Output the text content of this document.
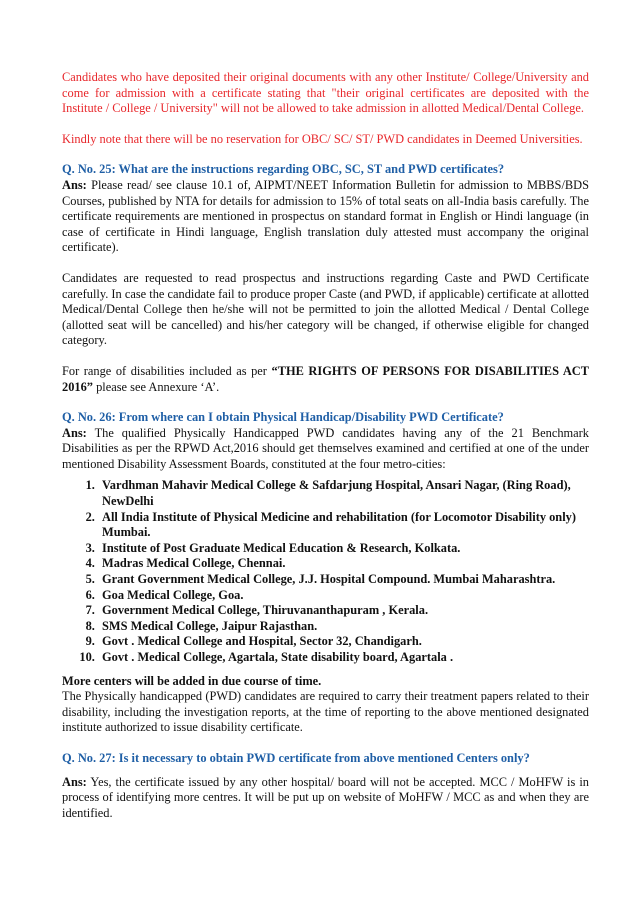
Candidates who have deposited their original documents with any other Institute/ College/University and come for admission with a certificate stating that "their original certificates are deposited with the Institute / College / University" will not be allowed to take admission in allotted Medical/Dental College.

Kindly note that there will be no reservation for OBC/ SC/ ST/ PWD candidates in Deemed Universities.

Q. No. 25: What are the instructions regarding OBC, SC, ST and PWD certificates?

Ans: Please read/ see clause 10.1 of, AIPMT/NEET Information Bulletin for admission to MBBS/BDS Courses, published by NTA for details for admission to 15% of total seats on all-India basis carefully. The certificate requirements are mentioned in prospectus on standard format in English or Hindi language (in case of certificate in Hindi language, English translation duly attested must accompany the original certificate).

Candidates are requested to read prospectus and instructions regarding Caste and PWD Certificate carefully. In case the candidate fail to produce proper Caste (and PWD, if applicable) certificate at allotted Medical/Dental College then he/she will not be permitted to join the allotted Medical / Dental College (allotted seat will be cancelled) and his/her category will be changed, if otherwise eligible for changed category.

For range of disabilities included as per “THE RIGHTS OF PERSONS FOR DISABILITIES ACT 2016” please see Annexure ‘A’.

Q. No. 26: From where can I obtain Physical Handicap/Disability PWD Certificate?

Ans: The qualified Physically Handicapped PWD candidates having any of the 21 Benchmark Disabilities as per the RPWD Act,2016 should get themselves examined and certified at one of the under mentioned Disability Assessment Boards, constituted at the four metro-cities:

1. Vardhman Mahavir Medical College & Safdarjung Hospital, Ansari Nagar, (Ring Road), NewDelhi
2. All India Institute of Physical Medicine and rehabilitation (for Locomotor Disability only) Mumbai.
3. Institute of Post Graduate Medical Education & Research, Kolkata.
4. Madras Medical College, Chennai.
5. Grant Government Medical College, J.J. Hospital Compound. Mumbai Maharashtra.
6. Goa Medical College, Goa.
7. Government Medical College, Thiruvananthapuram , Kerala.
8. SMS Medical College, Jaipur Rajasthan.
9. Govt . Medical College and Hospital, Sector 32, Chandigarh.
10. Govt . Medical College, Agartala, State disability board, Agartala .

More centers will be added in due course of time.

The Physically handicapped (PWD) candidates are required to carry their treatment papers related to their disability, including the investigation reports, at the time of reporting to the above mentioned designated institute authorized to issue disability certificate.

Q. No. 27: Is it necessary to obtain PWD certificate from above mentioned Centers only?

Ans: Yes, the certificate issued by any other hospital/ board will not be accepted. MCC / MoHFW is in process of identifying more centres. It will be put up on website of MoHFW / MCC as and when they are identified.
